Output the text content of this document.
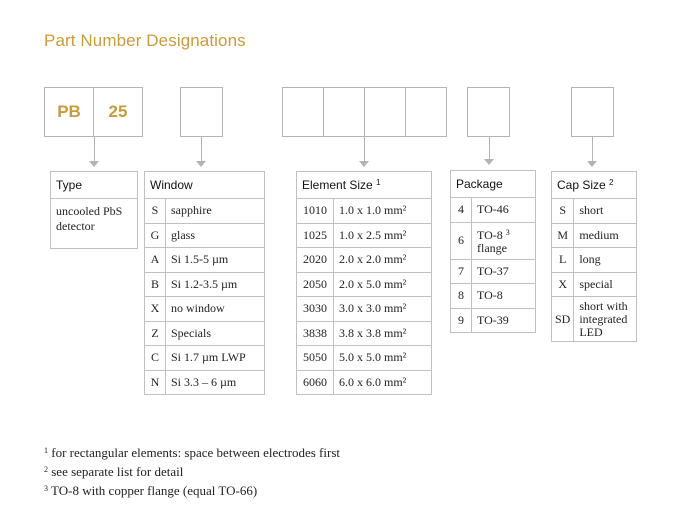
Part Number Designations
PB 25
Type
uncooled PbS detector
Window	
S	sapphire
G	glass
A	Si 1.5-5 µm
B	Si 1.2-3.5 µm
X	no window
Z	Specials
C	Si 1.7 µm LWP
N	Si 3.3 – 6 µm
Element Size $^1$
1010	1.0 x 1.0 mm²
1025	1.0 x 2.5 mm²
2020	2.0 x 2.0 mm²
2050	2.0 x 5.0 mm²
3030	3.0 x 3.0 mm²
3838	3.8 x 3.8 mm²
5050	5.0 x 5.0 mm²
6060	6.0 x 6.0 mm²
Package	
4	TO-46
6	TO-8 $^3$
flange
7	TO-37
8	TO-8
9	TO-39
Cap Size $^2$
S	short
M	medium
L	long
X	special
SD	short with integrated LED
$^1$ for rectangular elements: space between electrodes first
$^2$ see separate list for detail
$^3$ TO-8 with copper flange (equal TO-66)
